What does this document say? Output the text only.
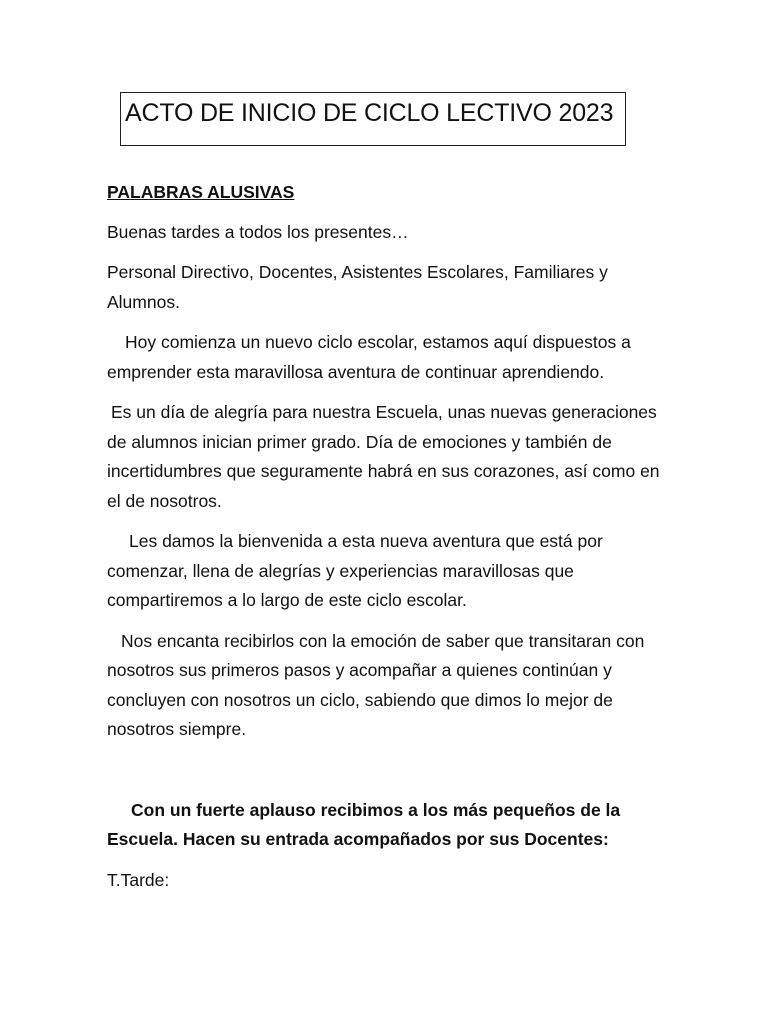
ACTO DE INICIO DE CICLO LECTIVO 2023

PALABRAS ALUSIVAS

Buenas tardes a todos los presentes…

Personal Directivo, Docentes, Asistentes Escolares, Familiares y Alumnos.

Hoy comienza un nuevo ciclo escolar, estamos aquí dispuestos a emprender esta maravillosa aventura de continuar aprendiendo.

Es un día de alegría para nuestra Escuela, unas nuevas generaciones de alumnos inician primer grado. Día de emociones y también de incertidumbres que seguramente habrá en sus corazones, así como en el de nosotros.

Les damos la bienvenida a esta nueva aventura que está por comenzar, llena de alegrías y experiencias maravillosas que compartiremos a lo largo de este ciclo escolar.

Nos encanta recibirlos con la emoción de saber que transitaran con nosotros sus primeros pasos y acompañar a quienes continúan y concluyen con nosotros un ciclo, sabiendo que dimos lo mejor de nosotros siempre.

Con un fuerte aplauso recibimos a los más pequeños de la Escuela. Hacen su entrada acompañados por sus Docentes:

T.Tarde:
